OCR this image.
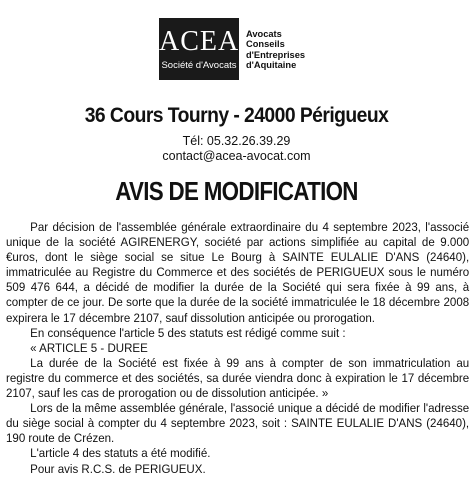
ACEA
Société d'Avocats
Avocats
Conseils
d'Entreprises
d'Aquitaine
36 Cours Tourny - 24000 Périgueux
Tél: 05.32.26.39.29
contact@acea-avocat.com
AVIS DE MODIFICATION

Par décision de l'assemblée générale extraordinaire du 4 septembre 2023, l'associé unique de la société AGIRENERGY, société par actions simplifiée au capital de 9.000 €uros, dont le siège social se situe Le Bourg à SAINTE EULALIE D'ANS (24640), immatriculée au Registre du Commerce et des sociétés de PERIGUEUX sous le numéro 509 476 644, a décidé de modifier la durée de la Société qui sera fixée à 99 ans, à compter de ce jour. De sorte que la durée de la société immatriculée le 18 décembre 2008 expirera le 17 décembre 2107, sauf dissolution anticipée ou prorogation.

En conséquence l'article 5 des statuts est rédigé comme suit :

« ARTICLE 5 - DUREE

La durée de la Société est fixée à 99 ans à compter de son immatriculation au registre du commerce et des sociétés, sa durée viendra donc à expiration le 17 décembre 2107, sauf les cas de prorogation ou de dissolution anticipée. »

Lors de la même assemblée générale, l'associé unique a décidé de modifier l'adresse du siège social à compter du 4 septembre 2023, soit : SAINTE EULALIE D'ANS (24640), 190 route de Crézen.

L'article 4 des statuts a été modifié.

Pour avis R.C.S. de PERIGUEUX.
